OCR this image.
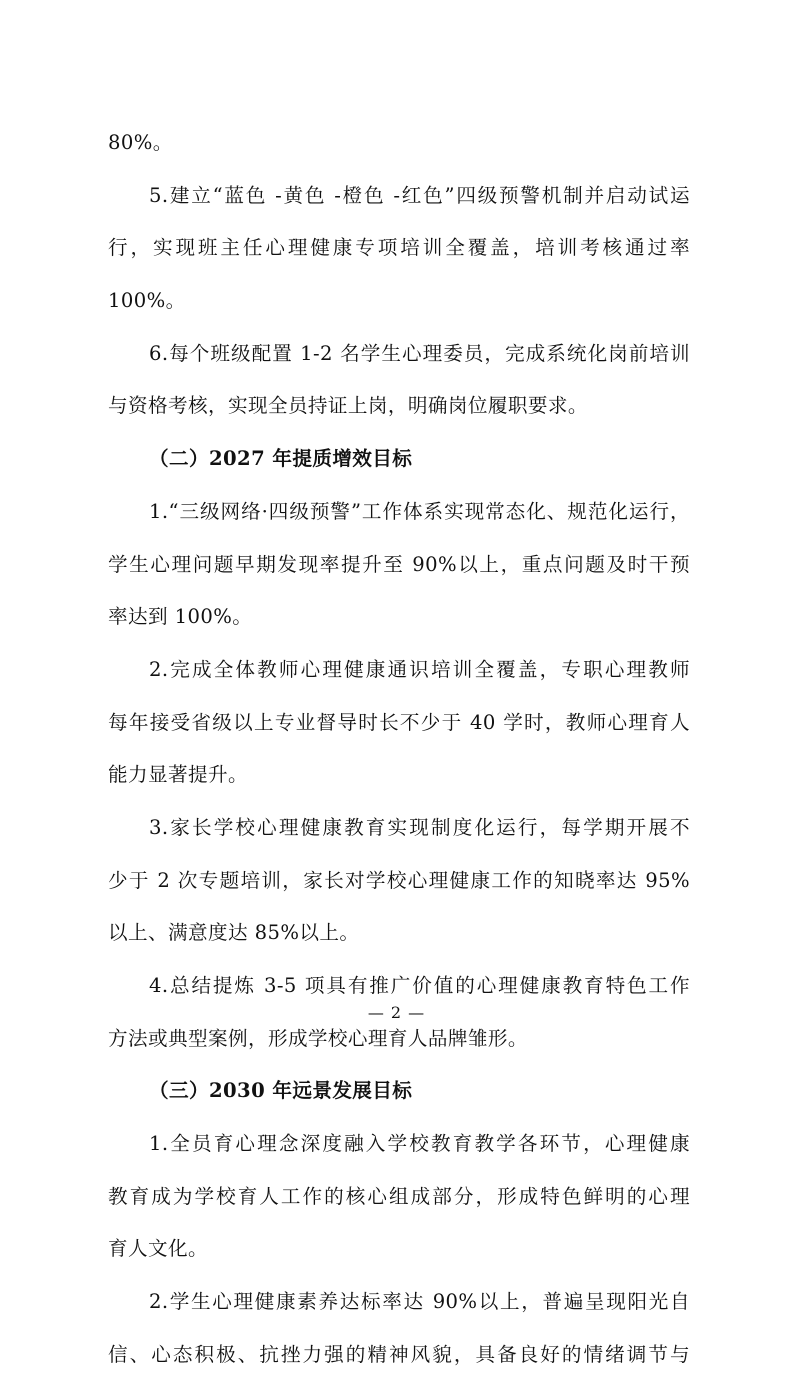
80%。
5.建立“蓝色 -黄色 -橙色 -红色”四级预警机制并启动试运
行，实现班主任心理健康专项培训全覆盖，培训考核通过率
100%。
6.每个班级配置 1-2 名学生心理委员，完成系统化岗前培训
与资格考核，实现全员持证上岗，明确岗位履职要求。
（二）2027 年提质增效目标
1.“三级网络·四级预警”工作体系实现常态化、规范化运行，
学生心理问题早期发现率提升至 90%以上，重点问题及时干预
率达到 100%。
2.完成全体教师心理健康通识培训全覆盖，专职心理教师
每年接受省级以上专业督导时长不少于 40 学时，教师心理育人
能力显著提升。
3.家长学校心理健康教育实现制度化运行，每学期开展不
少于 2 次专题培训，家长对学校心理健康工作的知晓率达 95%
以上、满意度达 85%以上。
4.总结提炼 3-5 项具有推广价值的心理健康教育特色工作
方法或典型案例，形成学校心理育人品牌雏形。
（三）2030 年远景发展目标
1.全员育心理念深度融入学校教育教学各环节，心理健康
教育成为学校育人工作的核心组成部分，形成特色鲜明的心理
育人文化。
2.学生心理健康素养达标率达 90%以上，普遍呈现阳光自
信、心态积极、抗挫力强的精神风貌，具备良好的情绪调节与
— 2 —
